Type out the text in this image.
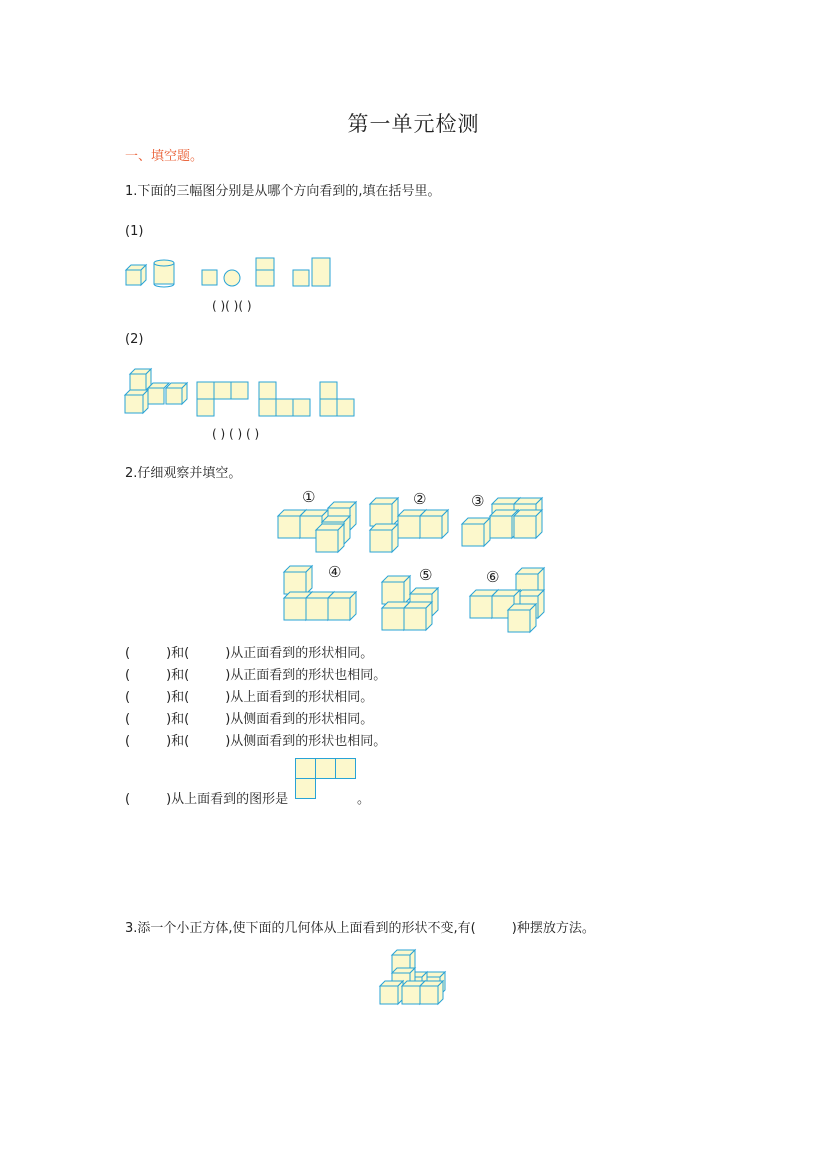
第一单元检测
一、填空题。
1.下面的三幅图分别是从哪个方向看到的,填在括号里。
(1)
( )( )( )
(2)
( ) ( ) ( )
2.仔细观察并填空。
①	②	③
④	⑤	⑥
(	)和(	)从正面看到的形状相同。
(	)和(	)从正面看到的形状也相同。
(	)和(	)从上面看到的形状相同。
(	)和(	)从侧面看到的形状相同。
(	)和(	)从侧面看到的形状也相同。
(	)从上面看到的图形是	。
3.添一个小正方体,使下面的几何体从上面看到的形状不变,有(	)种摆放方法。
